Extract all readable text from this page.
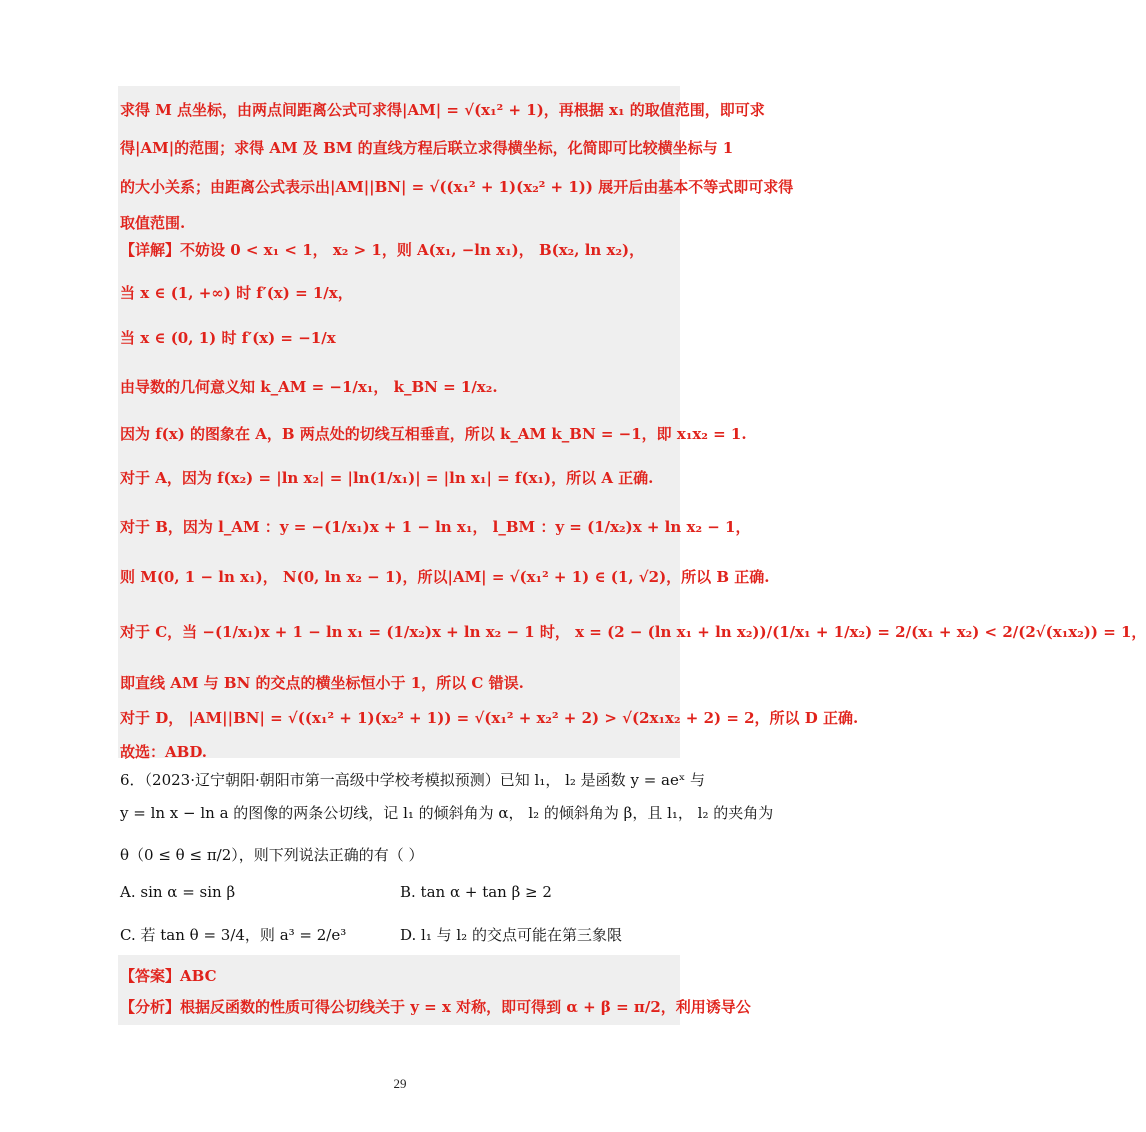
求得 M 点坐标，由两点间距离公式可求得|AM| = √(x₁² + 1)，再根据 x₁ 的取值范围，即可求
得|AM|的范围；求得 AM 及 BM 的直线方程后联立求得横坐标，化简即可比较横坐标与 1
的大小关系；由距离公式表示出|AM||BN| = √((x₁² + 1)(x₂² + 1)) 展开后由基本不等式即可求得
取值范围.
【详解】不妨设 0 < x₁ < 1， x₂ > 1，则 A(x₁, −ln x₁)， B(x₂, ln x₂)，
当 x ∈ (1, +∞) 时 f′(x) = 1/x，
当 x ∈ (0, 1) 时 f′(x) = −1/x
由导数的几何意义知 k_AM = −1/x₁， k_BN = 1/x₂.
因为 f(x) 的图象在 A，B 两点处的切线互相垂直，所以 k_AM k_BN = −1，即 x₁x₂ = 1.
对于 A，因为 f(x₂) = |ln x₂| = |ln(1/x₁)| = |ln x₁| = f(x₁)，所以 A 正确.
对于 B，因为 l_AM ：y = −(1/x₁)x + 1 − ln x₁， l_BM ：y = (1/x₂)x + ln x₂ − 1，
则 M(0, 1 − ln x₁)， N(0, ln x₂ − 1)，所以|AM| = √(x₁² + 1) ∈ (1, √2)，所以 B 正确.
对于 C，当 −(1/x₁)x + 1 − ln x₁ = (1/x₂)x + ln x₂ − 1 时， x = (2 − (ln x₁ + ln x₂))/(1/x₁ + 1/x₂) = 2/(x₁ + x₂) < 2/(2√(x₁x₂)) = 1，
即直线 AM 与 BN 的交点的横坐标恒小于 1，所以 C 错误.
对于 D， |AM||BN| = √((x₁² + 1)(x₂² + 1)) = √(x₁² + x₂² + 2) > √(2x₁x₂ + 2) = 2，所以 D 正确.
故选：ABD.
6．（2023·辽宁朝阳·朝阳市第一高级中学校考模拟预测）已知 l₁， l₂ 是函数 y = aeˣ 与
y = ln x − ln a 的图像的两条公切线，记 l₁ 的倾斜角为 α， l₂ 的倾斜角为 β，且 l₁， l₂ 的夹角为
θ（0 ≤ θ ≤ π/2），则下列说法正确的有（ ）
【答案】ABC
【分析】根据反函数的性质可得公切线关于 y = x 对称，即可得到 α + β = π/2，利用诱导公
A. sin α = sin β	B. tan α + tan β ≥ 2
C. 若 tan θ = 3/4，则 a³ = 2/e³	D. l₁ 与 l₂ 的交点可能在第三象限
29
